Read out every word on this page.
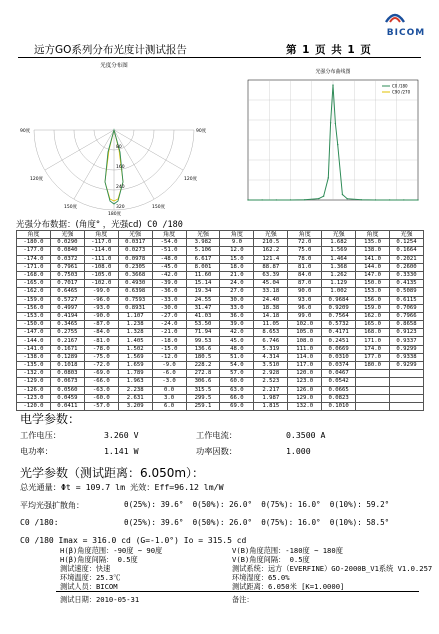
远方GO系列分布光度计测试报告	第 1 页 共 1 页
BICOM
光度分布图
90度
120度
150度
180度
150度
120度
90度
320
240
160
80
光强分布曲线图
C0 /180
C90 /270
光强分布数据：(角度° ，光强cd) C0 /180
角度	光强	角度	光强	角度	光强	角度	光强	角度	光强	角度	光强
-180.0	0.0290	-117.0	0.0317	-54.0	3.982	9.0	210.5	72.0	1.682	135.0	0.1254
-177.0	0.0840	-114.0	0.0273	-51.0	5.106	12.0	162.2	75.0	1.569	138.0	0.1664
-174.0	0.0372	-111.0	0.0978	-48.0	6.617	15.0	121.4	78.0	1.464	141.0	0.2021
-171.0	0.7961	-108.0	0.2305	-45.0	8.001	18.0	88.87	81.0	1.368	144.0	0.2600
-168.0	0.7503	-105.0	0.3668	-42.0	11.60	21.0	63.39	84.0	1.262	147.0	0.3330
-165.0	0.7017	-102.0	0.4930	-39.0	15.14	24.0	45.04	87.0	1.129	150.0	0.4135
-162.0	0.6465	-99.0	0.6398	-36.0	19.34	27.0	33.18	90.0	1.002	153.0	0.5089
-159.0	0.5727	-96.0	0.7593	-33.0	24.55	30.0	24.40	93.0	0.9684	156.0	0.6115
-156.0	0.4997	-93.0	0.8931	-30.0	31.47	33.0	18.38	96.0	0.9209	159.0	0.7069
-153.0	0.4194	-90.0	1.107	-27.0	41.03	36.0	14.18	99.0	0.7564	162.0	0.7966
-150.0	0.3465	-87.0	1.238	-24.0	53.50	39.0	11.05	102.0	0.5732	165.0	0.8658
-147.0	0.2755	-84.0	1.328	-21.0	71.94	42.0	8.653	105.0	0.4171	168.0	0.9123
-144.0	0.2167	-81.0	1.405	-18.0	99.53	45.0	6.746	108.0	0.2451	171.0	0.9337
-141.0	0.1671	-78.0	1.502	-15.0	136.6	48.0	5.319	111.0	0.0669	174.0	0.9299
-138.0	0.1289	-75.0	1.569	-12.0	180.5	51.0	4.314	114.0	0.0310	177.0	0.9338
-135.0	0.1018	-72.0	1.659	-9.0	228.2	54.0	3.510	117.0	0.0374	180.0	0.9299
-132.0	0.0803	-69.0	1.789	-6.0	272.8	57.0	2.928	120.0	0.0467		
-129.0	0.0673	-66.0	1.963	-3.0	306.6	60.0	2.523	123.0	0.0542		
-126.0	0.0560	-63.0	2.238	0.0	315.5	63.0	2.217	126.0	0.0665		
-123.0	0.0459	-60.0	2.631	3.0	299.5	66.0	1.987	129.0	0.0823		
-120.0	0.0411	-57.0	3.209	6.0	259.1	69.0	1.815	132.0	0.1010		
电学参数：
工作电压：	3.260 V	工作电流：	0.3500 A
电功率：	1.141 W	功率因数：	1.000
光学参数（测试距离：6.050m）：
总光通量：Φt = 109.7 lm 光效：Eff=96.12 lm/W
平均光强扩散角：	θ(25%): 39.6° θ(50%): 26.0° θ(75%): 16.0° θ(10%): 59.2°
C0 /180:	θ(25%): 39.6° θ(50%): 26.0° θ(75%): 16.0° θ(10%): 58.5°
C0 /180 Imax = 316.0 cd (G=-1.0°) Io = 315.5 cd
H(β)角度范围：-90度 ~ 90度	V(B)角度范围：-180度 ~ 180度
H(β)角度间隔： 0.5度	V(B)角度间隔： 0.5度
测试速度：快速	测试系统：远方（EVERFINE）GO-2000B_V1系统 V1.0.257
环境温度：25.3℃	环境湿度：65.0%
测试人员：BICOM	测试距离：6.050米 [K=1.0000]
测试日期：2010-05-31	备注：
